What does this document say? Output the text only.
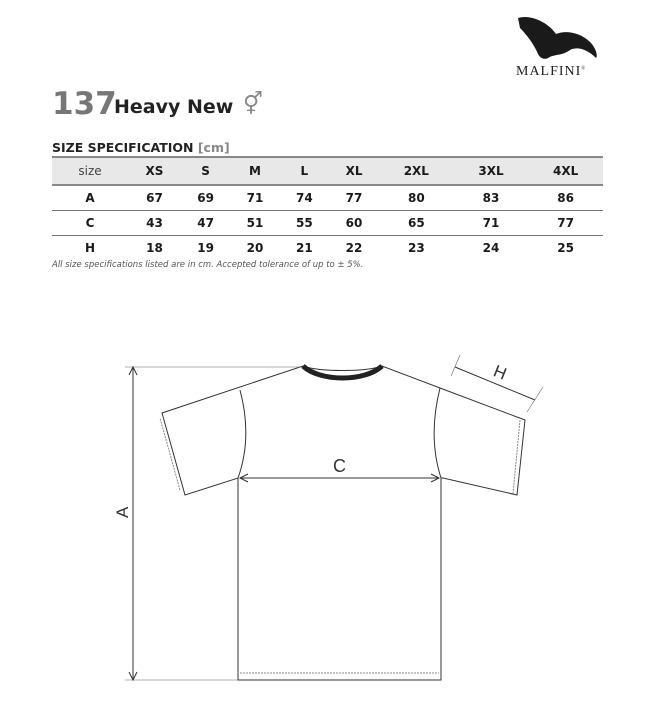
MALFINI®
137
Heavy New ⚥
SIZE SPECIFICATION [cm]
size	XS	S	M	L	XL	2XL	3XL	4XL
A	67	69	71	74	77	80	83	86
C	43	47	51	55	60	65	71	77
H	18	19	20	21	22	23	24	25
All size specifications listed are in cm. Accepted tolerance of up to ± 5%.
A
C
H
